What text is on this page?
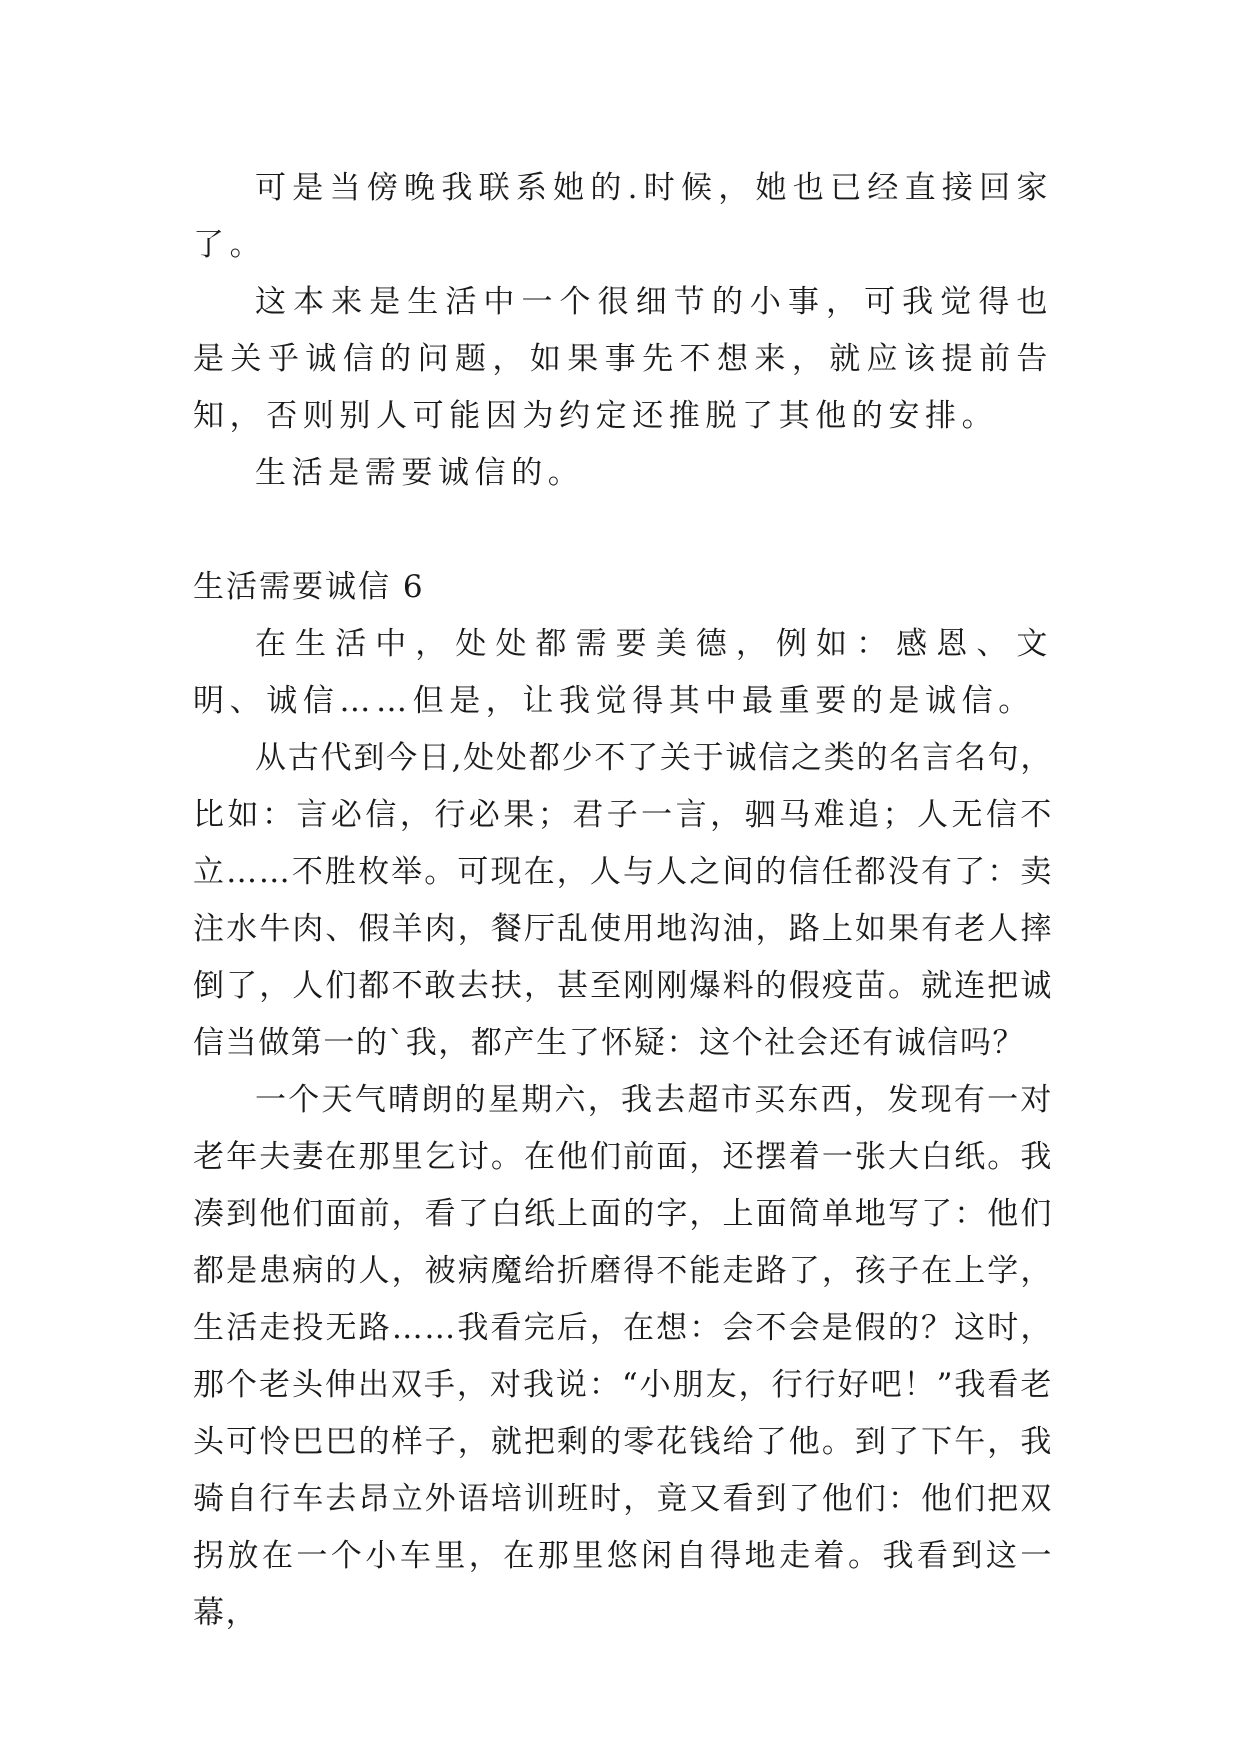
可是当傍晚我联系她的.时候，她也已经直接回家了。

这本来是生活中一个很细节的小事，可我觉得也是关乎诚信的问题，如果事先不想来，就应该提前告知，否则别人可能因为约定还推脱了其他的安排。

生活是需要诚信的。

生活需要诚信 6

在生活中，处处都需要美德，例如：感恩、文明、诚信……但是，让我觉得其中最重要的是诚信。

从古代到今日,处处都少不了关于诚信之类的名言名句，比如：言必信，行必果；君子一言，驷马难追；人无信不立……不胜枚举。可现在，人与人之间的信任都没有了：卖注水牛肉、假羊肉，餐厅乱使用地沟油，路上如果有老人摔倒了，人们都不敢去扶，甚至刚刚爆料的假疫苗。就连把诚信当做第一的`我，都产生了怀疑：这个社会还有诚信吗？

一个天气晴朗的星期六，我去超市买东西，发现有一对老年夫妻在那里乞讨。在他们前面，还摆着一张大白纸。我凑到他们面前，看了白纸上面的字，上面简单地写了：他们都是患病的人，被病魔给折磨得不能走路了，孩子在上学，生活走投无路……我看完后，在想：会不会是假的？这时，那个老头伸出双手，对我说：“小朋友，行行好吧！”我看老头可怜巴巴的样子，就把剩的零花钱给了他。到了下午，我骑自行车去昂立外语培训班时，竟又看到了他们：他们把双拐放在一个小车里，在那里悠闲自得地走着。我看到这一幕，
